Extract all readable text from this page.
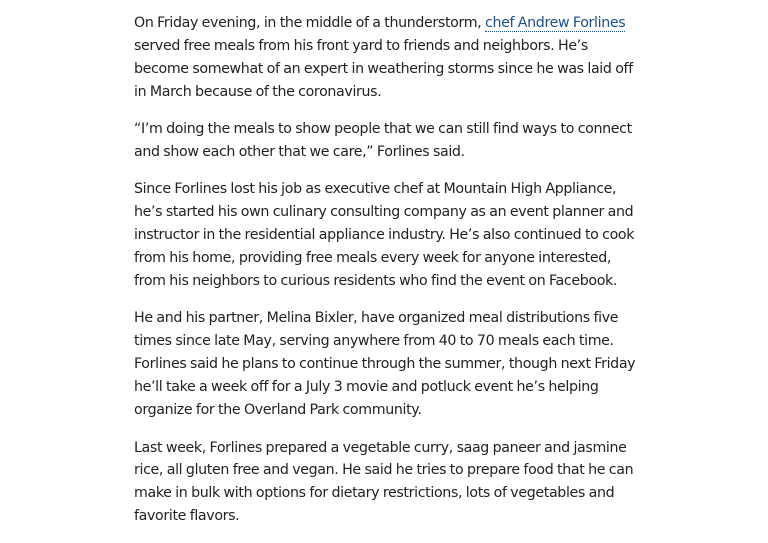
On Friday evening, in the middle of a thunderstorm, chef Andrew Forlines served free meals from his front yard to friends and neighbors. He’s become somewhat of an expert in weathering storms since he was laid off in March because of the coronavirus.

“I’m doing the meals to show people that we can still find ways to connect and show each other that we care,” Forlines said.

Since Forlines lost his job as executive chef at Mountain High Appliance, he’s started his own culinary consulting company as an event planner and instructor in the residential appliance industry. He’s also continued to cook from his home, providing free meals every week for anyone interested, from his neighbors to curious residents who find the event on Facebook.

He and his partner, Melina Bixler, have organized meal distributions five times since late May, serving anywhere from 40 to 70 meals each time. Forlines said he plans to continue through the summer, though next Friday he’ll take a week off for a July 3 movie and potluck event he’s helping organize for the Overland Park community.

Last week, Forlines prepared a vegetable curry, saag paneer and jasmine rice, all gluten free and vegan. He said he tries to prepare food that he can make in bulk with options for dietary restrictions, lots of vegetables and favorite flavors.
